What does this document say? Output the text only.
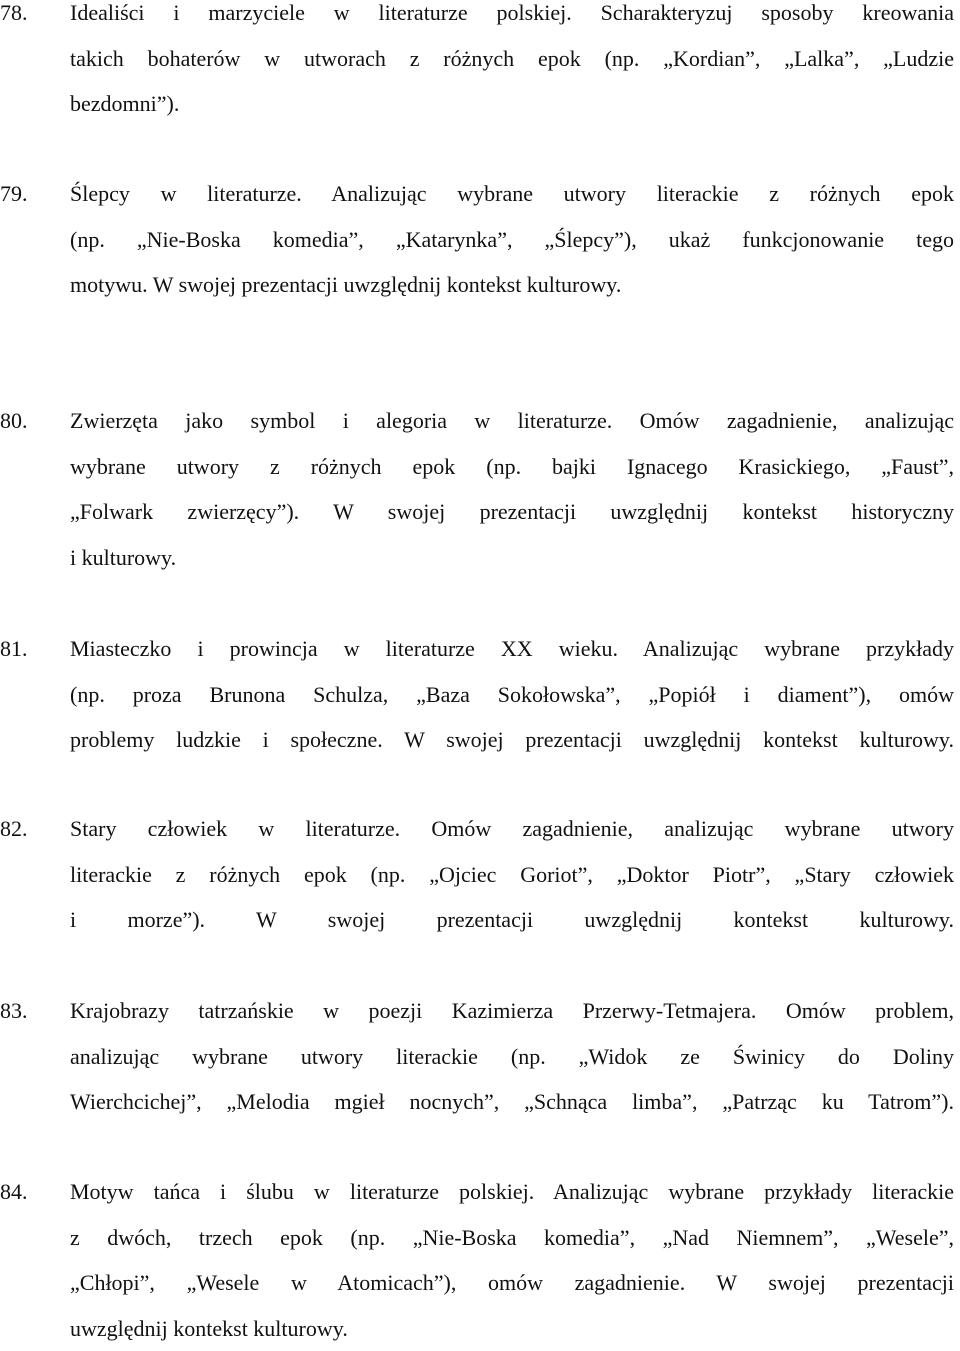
78. Idealiści i marzyciele w literaturze polskiej. Scharakteryzuj sposoby kreowania
takich bohaterów w utworach z różnych epok (np. „Kordian”, „Lalka”, „Ludzie
bezdomni”).
79. Ślepcy w literaturze. Analizując wybrane utwory literackie z różnych epok
(np. „Nie-Boska komedia”, „Katarynka”, „Ślepcy”), ukaż funkcjonowanie tego
motywu. W swojej prezentacji uwzględnij kontekst kulturowy.
80. Zwierzęta jako symbol i alegoria w literaturze. Omów zagadnienie, analizując
wybrane utwory z różnych epok (np. bajki Ignacego Krasickiego, „Faust”,
„Folwark zwierzęcy”). W swojej prezentacji uwzględnij kontekst historyczny
i kulturowy.
81. Miasteczko i prowincja w literaturze XX wieku. Analizując wybrane przykłady
(np. proza Brunona Schulza, „Baza Sokołowska”, „Popiół i diament”), omów
problemy ludzkie i społeczne. W swojej prezentacji uwzględnij kontekst kulturowy.
82. Stary człowiek w literaturze. Omów zagadnienie, analizując wybrane utwory
literackie z różnych epok (np. „Ojciec Goriot”, „Doktor Piotr”, „Stary człowiek
i morze”). W swojej prezentacji uwzględnij kontekst kulturowy.
83. Krajobrazy tatrzańskie w poezji Kazimierza Przerwy-Tetmajera. Omów problem,
analizując wybrane utwory literackie (np. „Widok ze Świnicy do Doliny
Wierchcichej”, „Melodia mgieł nocnych”, „Schnąca limba”, „Patrząc ku Tatrom”).
84. Motyw tańca i ślubu w literaturze polskiej. Analizując wybrane przykłady literackie
z dwóch, trzech epok (np. „Nie-Boska komedia”, „Nad Niemnem”, „Wesele”,
„Chłopi”, „Wesele w Atomicach”), omów zagadnienie. W swojej prezentacji
uwzględnij kontekst kulturowy.
